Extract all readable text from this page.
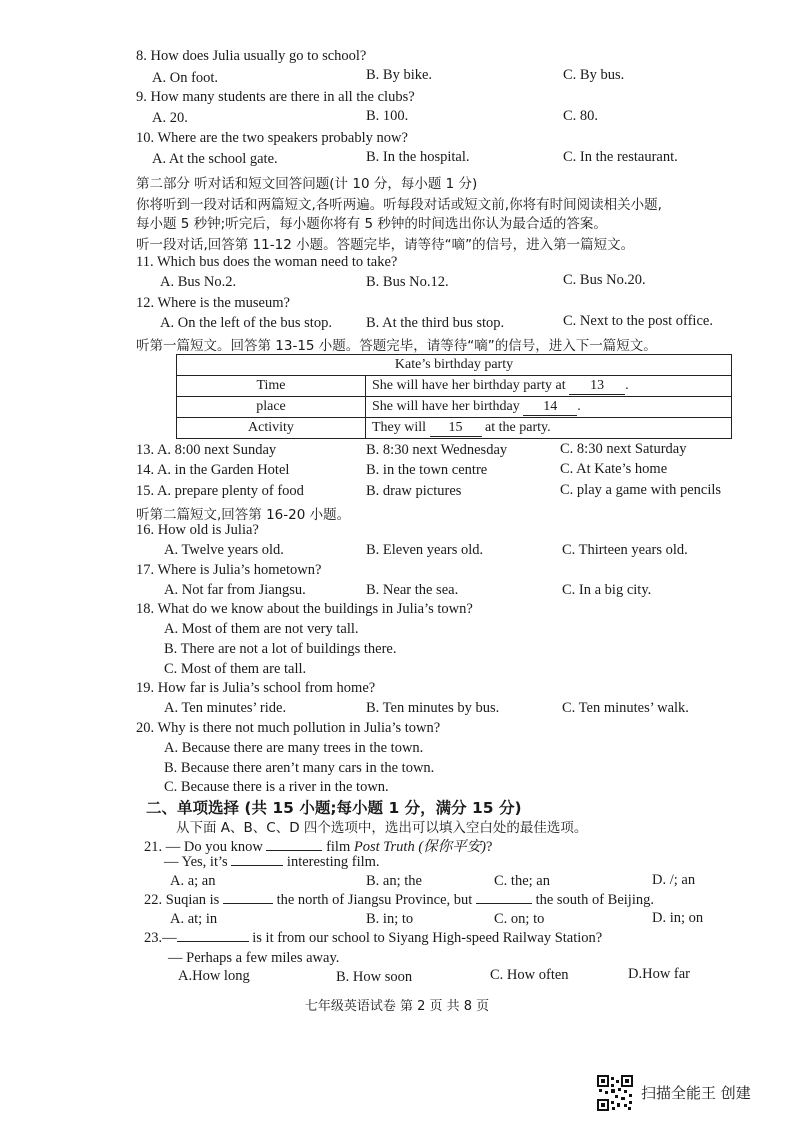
8. How does Julia usually go to school?
A. On foot.	B. By bike.	C. By bus.
9. How many students are there in all the clubs?
A. 20.	B. 100.	C. 80.
10. Where are the two speakers probably now?
A. At the school gate.	B. In the hospital.	C. In the restaurant.
第二部分 听对话和短文回答问题(计 10 分，每小题 1 分)
你将听到一段对话和两篇短文,各听两遍。听每段对话或短文前,你将有时间阅读相关小题,
每小题 5 秒钟;听完后，每小题你将有 5 秒钟的时间选出你认为最合适的答案。
听一段对话,回答第 11-12 小题。答题完毕，请等待“嘀”的信号，进入第一篇短文。
11. Which bus does the woman need to take?
A. Bus No.2.	B. Bus No.12.	C. Bus No.20.
12. Where is the museum?
A. On the left of the bus stop. B. At the third bus stop.	C. Next to the post office.
听第一篇短文。回答第 13-15 小题。答题完毕，请等待“嘀”的信号，进入下一篇短文。
Kate’s birthday party	
Time	She will have her birthday party at 13 .
place	She will have her birthday 14 .
Activity	They will 15 at the party.
13. A. 8:00 next Sunday	B. 8:30 next Wednesday	C. 8:30 next Saturday
14. A. in the Garden Hotel	B. in the town centre	C. At Kate’s home
15. A. prepare plenty of food	B. draw pictures	C. play a game with pencils
听第二篇短文,回答第 16-20 小题。
16. How old is Julia?
A. Twelve years old.	B. Eleven years old.	C. Thirteen years old.
17. Where is Julia’s hometown?
A. Not far from Jiangsu.	B. Near the sea.	C. In a big city.
18. What do we know about the buildings in Julia’s town?
A. Most of them are not very tall.
B. There are not a lot of buildings there.
C. Most of them are tall.
19. How far is Julia’s school from home?
A. Ten minutes’ ride.	B. Ten minutes by bus.	C. Ten minutes’ walk.
20. Why is there not much pollution in Julia’s town?
A. Because there are many trees in the town.
B. Because there aren’t many cars in the town.
C. Because there is a river in the town.
二、单项选择 (共 15 小题;每小题 1 分，满分 15 分)
从下面 A、B、C、D 四个选项中，选出可以填入空白处的最佳选项。
21. — Do you know	film Post Truth (保你平安)?
— Yes, it’s	interesting film.
A. a; an	B. an; the	C. the; an	D. /; an
22. Suqian is	the north of Jiangsu Province, but	the south of Beijing.
A. at; in	B. in; to	C. on; to	D. in; on
23.—	is it from our school to Siyang High-speed Railway Station?
— Perhaps a few miles away.
A.How long	B. How soon	C. How often	D.How far
七年级英语试卷 第 2 页 共 8 页
扫描全能王 创建
